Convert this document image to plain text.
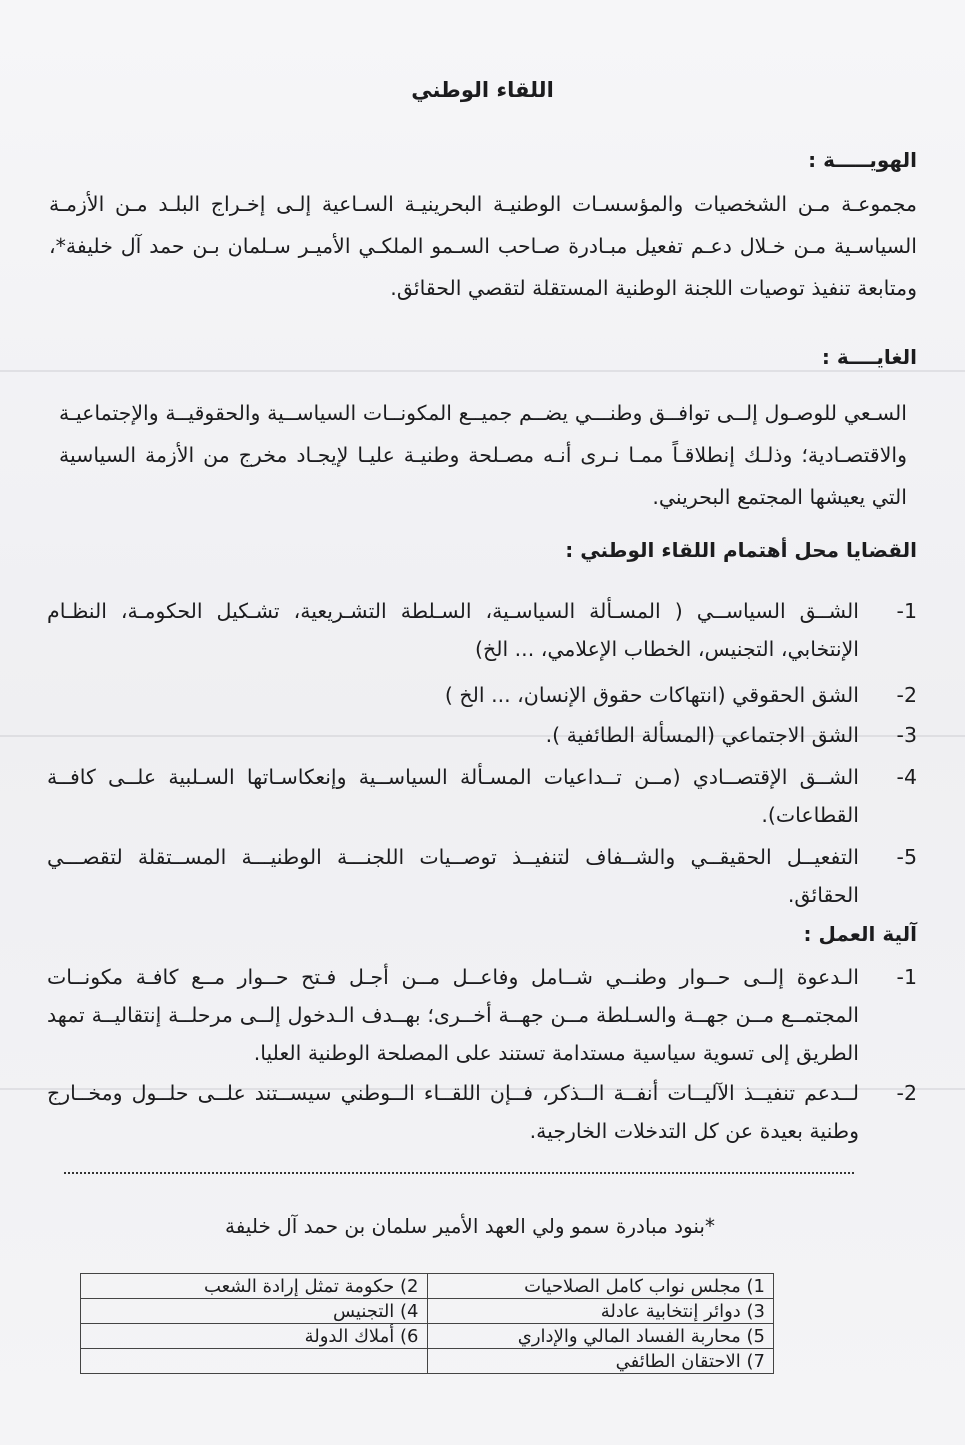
اللقاء الوطني
الهويـــــة :
مجموعـة مـن الشخصيات والمؤسسـات الوطنيـة البحرينيـة السـاعية إلـى إخـراج البلـد مـن الأزمـة السياسـية مـن خـلال دعـم تفعيل مبـادرة صـاحب السـمو الملكـي الأميـر سـلمان بـن حمد آل خليفة*، ومتابعة تنفيذ توصيات اللجنة الوطنية المستقلة لتقصي الحقائق.
الغايــــة :
السـعي للوصـول إلــى توافــق وطنـــي يضــم جميــع المكونــات السياســية والحقوقيــة والإجتماعيـة والاقتصـادية؛ وذلـك إنطلاقـاً ممـا نـرى أنـه مصـلحة وطنيـة عليـا لإيجـاد مخرج من الأزمة السياسية التي يعيشها المجتمع البحريني.
القضايا محل أهتمام اللقاء الوطني :
-1
الشــق السياســي ( المسـألة السياسـية، السـلطة التشـريعية، تشـكيل الحكومـة، النظـام الإنتخابي، التجنيس، الخطاب الإعلامي، ... الخ)
-2
الشق الحقوقي (انتهاكات حقوق الإنسان، ... الخ )
-3
الشق الاجتماعي (المسألة الطائفية ).
-4
الشــق الإقتصــادي (مــن تــداعيات المسـألة السياســية وإنعكاسـاتها السـلبية علــى كافــة القطاعات).
-5
التفعيــل الحقيقــي والشــفاف لتنفيــذ توصــيات اللجنـــة الوطنيـــة المســتقلة لتقصـــي الحقائق.
آلية العمل :
-1
الـدعوة إلــى حــوار وطنــي شــامل وفاعــل مــن أجـل فـتح حــوار مــع كافـة مكونــات المجتمــع مــن جهــة والسـلطة مــن جهــة أخــرى؛ بهــدف الـدخول إلــى مرحلــة إنتقاليــة تمهد الطريق إلى تسوية سياسية مستدامة تستند على المصلحة الوطنية العليا.
-2
لــدعم تنفيــذ الآليــات أنفــة الــذكر، فــإن اللقــاء الــوطني سيســتند علــى حلــول ومخــارج وطنية بعيدة عن كل التدخلات الخارجية.
*بنود مبادرة سمو ولي العهد الأمير سلمان بن حمد آل خليفة
1) مجلس نواب كامل الصلاحيات	2) حكومة تمثل إرادة الشعب
3) دوائر إنتخابية عادلة	4) التجنيس
5) محاربة الفساد المالي والإداري	6) أملاك الدولة
7) الاحتقان الطائفي	
